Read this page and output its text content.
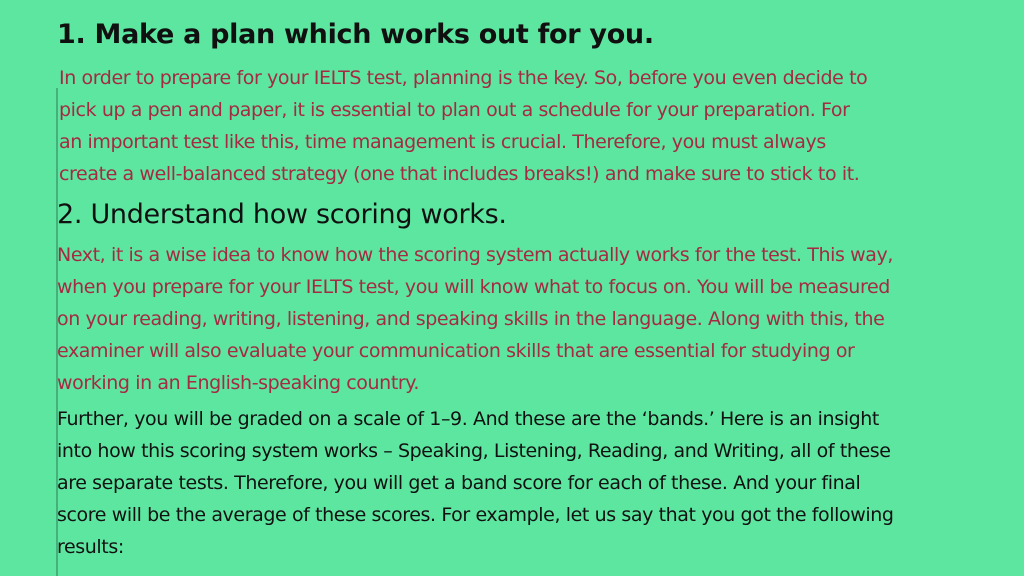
1. Make a plan which works out for you.
In order to prepare for your IELTS test, planning is the key. So, before you even decide to
pick up a pen and paper, it is essential to plan out a schedule for your preparation. For
an important test like this, time management is crucial. Therefore, you must always
create a well-balanced strategy (one that includes breaks!) and make sure to stick to it.
2. Understand how scoring works.
Next, it is a wise idea to know how the scoring system actually works for the test. This way,
when you prepare for your IELTS test, you will know what to focus on. You will be measured
on your reading, writing, listening, and speaking skills in the language. Along with this, the
examiner will also evaluate your communication skills that are essential for studying or
working in an English-speaking country.
Further, you will be graded on a scale of 1–9. And these are the ‘bands.’ Here is an insight
into how this scoring system works – Speaking, Listening, Reading, and Writing, all of these
are separate tests. Therefore, you will get a band score for each of these. And your final
score will be the average of these scores. For example, let us say that you got the following
results:
